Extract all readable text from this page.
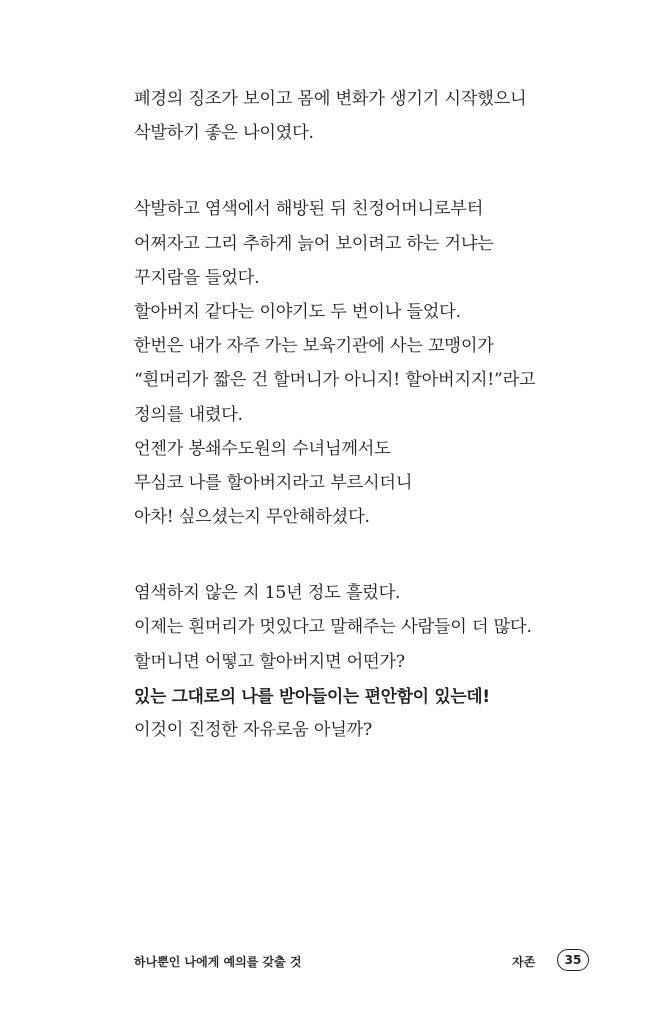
폐경의 징조가 보이고 몸에 변화가 생기기 시작했으니
삭발하기 좋은 나이였다.
삭발하고 염색에서 해방된 뒤 친정어머니로부터
어쩌자고 그리 추하게 늙어 보이려고 하는 거냐는
꾸지람을 들었다.
할아버지 같다는 이야기도 두 번이나 들었다.
한번은 내가 자주 가는 보육기관에 사는 꼬맹이가
“흰머리가 짧은 건 할머니가 아니지! 할아버지지!”라고
정의를 내렸다.
언젠가 봉쇄수도원의 수녀님께서도
무심코 나를 할아버지라고 부르시더니
아차! 싶으셨는지 무안해하셨다.
염색하지 않은 지 15년 정도 흘렀다.
이제는 흰머리가 멋있다고 말해주는 사람들이 더 많다.
할머니면 어떻고 할아버지면 어떤가?
있는 그대로의 나를 받아들이는 편안함이 있는데!
이것이 진정한 자유로움 아닐까?
하나뿐인 나에게 예의를 갖출 것	자존	35
